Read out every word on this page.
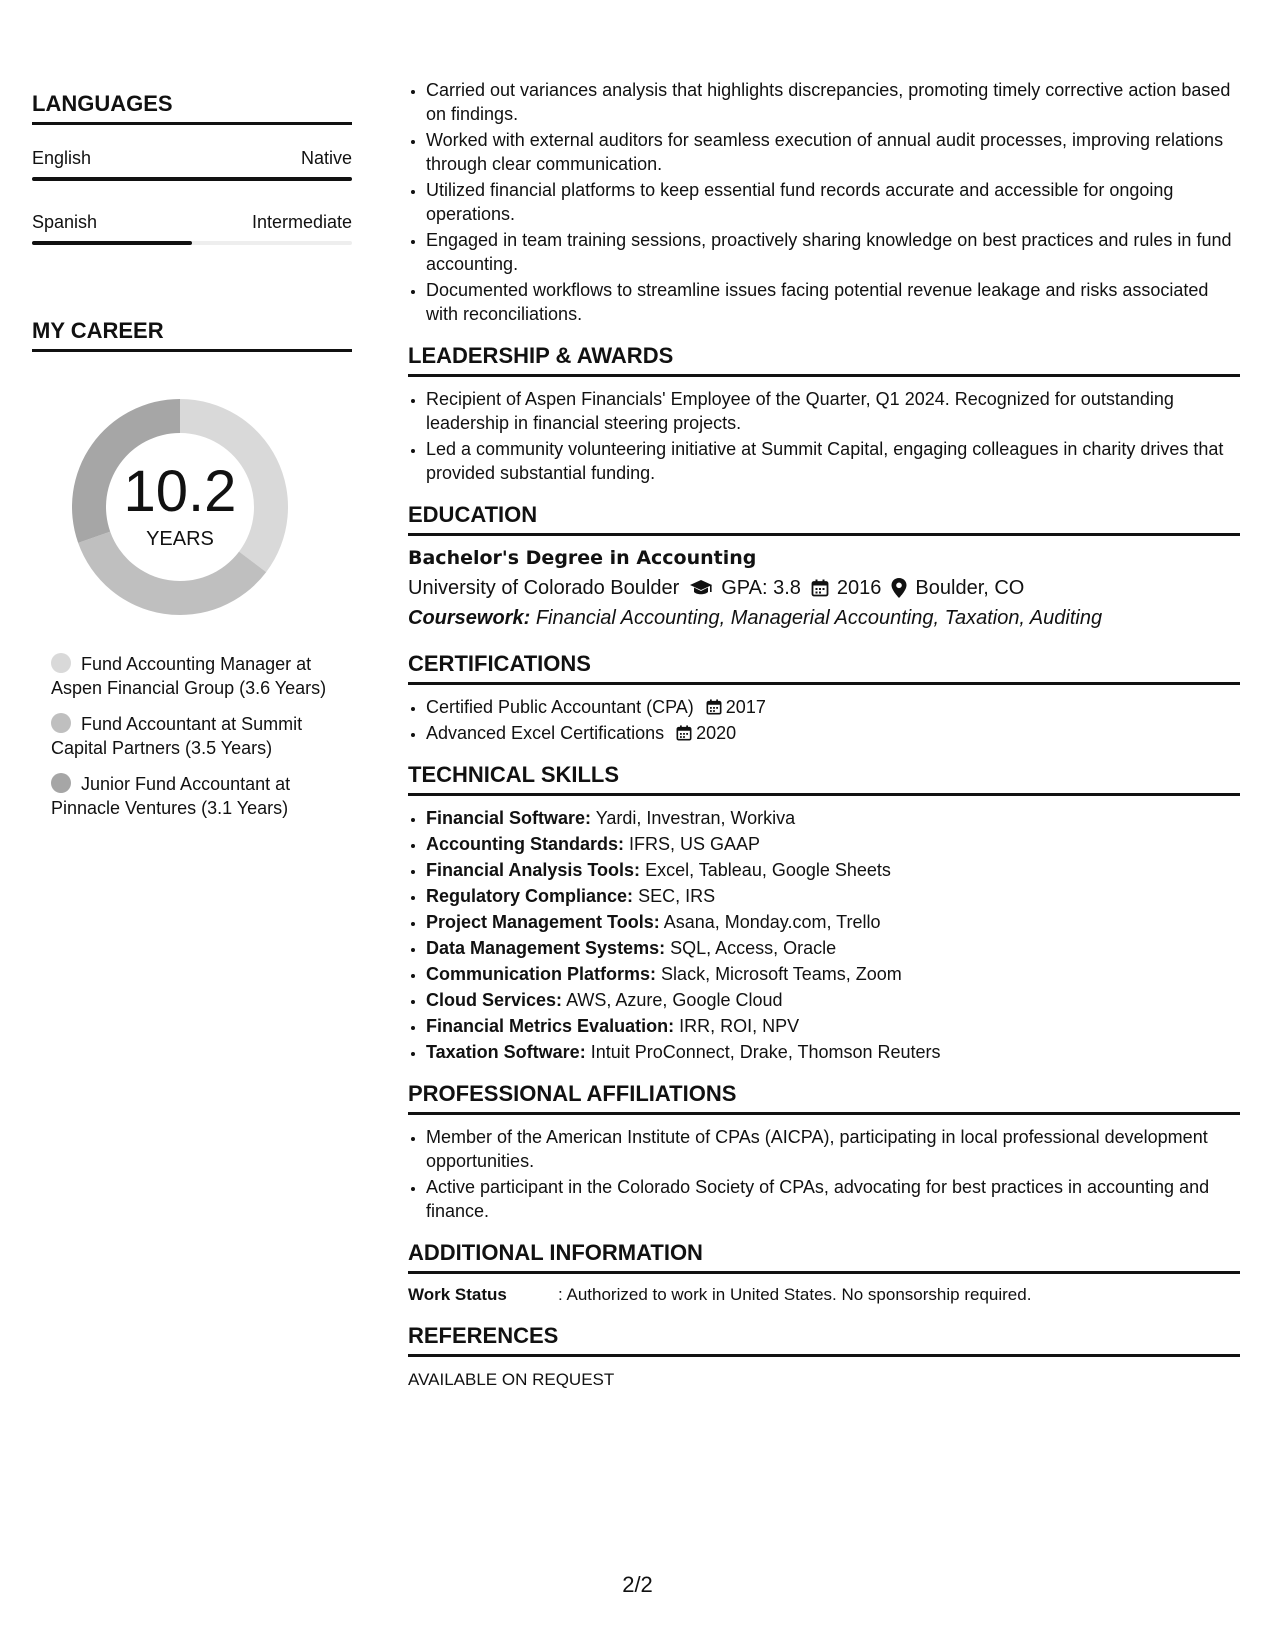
LANGUAGES
English	Native
Spanish	Intermediate
MY CAREER
10.2
YEARS
Fund Accounting Manager at Aspen Financial Group (3.6 Years)
Fund Accountant at Summit Capital Partners (3.5 Years)
Junior Fund Accountant at Pinnacle Ventures (3.1 Years)
• Carried out variances analysis that highlights discrepancies, promoting timely corrective action based on findings.
• Worked with external auditors for seamless execution of annual audit processes, improving relations through clear communication.
• Utilized financial platforms to keep essential fund records accurate and accessible for ongoing operations.
• Engaged in team training sessions, proactively sharing knowledge on best practices and rules in fund accounting.
• Documented workflows to streamline issues facing potential revenue leakage and risks associated with reconciliations.
LEADERSHIP & AWARDS
• Recipient of Aspen Financials' Employee of the Quarter, Q1 2024. Recognized for outstanding leadership in financial steering projects.
• Led a community volunteering initiative at Summit Capital, engaging colleagues in charity drives that provided substantial funding.
EDUCATION
Bachelor's Degree in Accounting
University of Colorado Boulder GPA: 3.8 2016 Boulder, CO
Coursework: Financial Accounting, Managerial Accounting, Taxation, Auditing
CERTIFICATIONS
• Certified Public Accountant (CPA) 2017
• Advanced Excel Certifications 2020
TECHNICAL SKILLS
• Financial Software: Yardi, Investran, Workiva
• Accounting Standards: IFRS, US GAAP
• Financial Analysis Tools: Excel, Tableau, Google Sheets
• Regulatory Compliance: SEC, IRS
• Project Management Tools: Asana, Monday.com, Trello
• Data Management Systems: SQL, Access, Oracle
• Communication Platforms: Slack, Microsoft Teams, Zoom
• Cloud Services: AWS, Azure, Google Cloud
• Financial Metrics Evaluation: IRR, ROI, NPV
• Taxation Software: Intuit ProConnect, Drake, Thomson Reuters
PROFESSIONAL AFFILIATIONS
• Member of the American Institute of CPAs (AICPA), participating in local professional development opportunities.
• Active participant in the Colorado Society of CPAs, advocating for best practices in accounting and finance.
ADDITIONAL INFORMATION
Work Status	: Authorized to work in United States. No sponsorship required.
REFERENCES
AVAILABLE ON REQUEST
2/2
